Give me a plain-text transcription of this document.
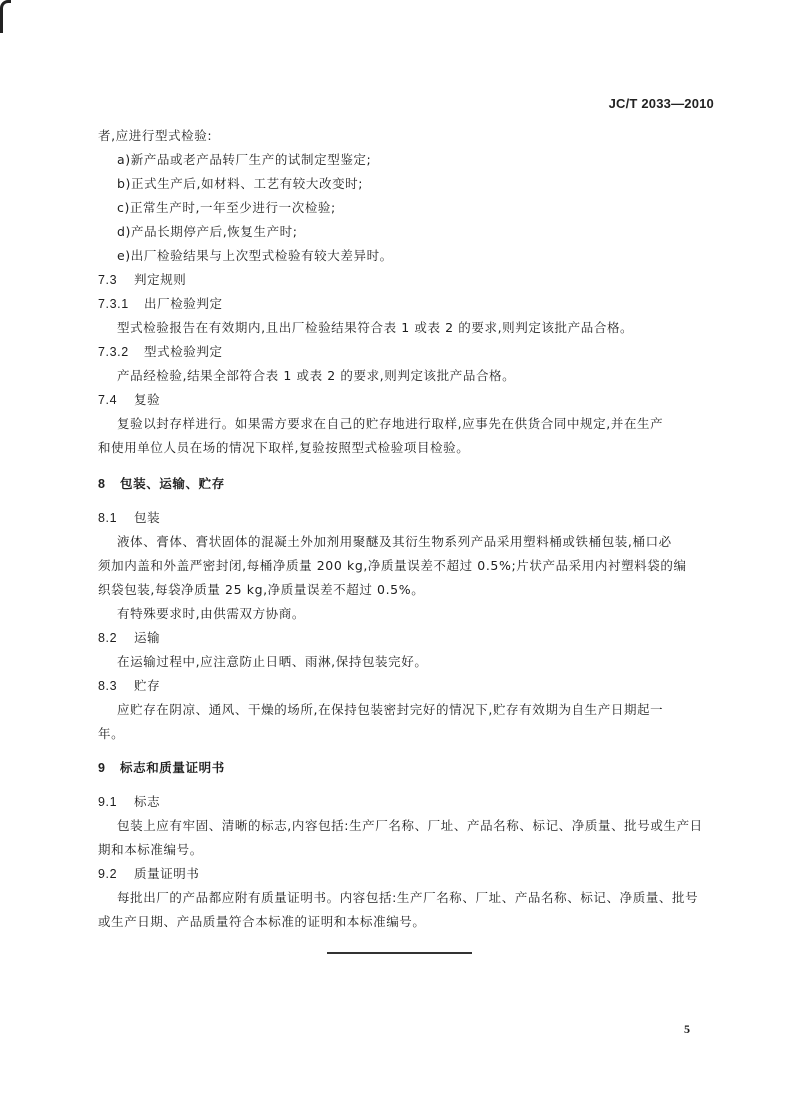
JC/T 2033—2010
者,应进行型式检验:
a)新产品或老产品转厂生产的试制定型鉴定;
b)正式生产后,如材料、工艺有较大改变时;
c)正常生产时,一年至少进行一次检验;
d)产品长期停产后,恢复生产时;
e)出厂检验结果与上次型式检验有较大差异时。
7.3 判定规则
7.3.1 出厂检验判定
型式检验报告在有效期内,且出厂检验结果符合表 1 或表 2 的要求,则判定该批产品合格。
7.3.2 型式检验判定
产品经检验,结果全部符合表 1 或表 2 的要求,则判定该批产品合格。
7.4 复验
复验以封存样进行。如果需方要求在自己的贮存地进行取样,应事先在供货合同中规定,并在生产
和使用单位人员在场的情况下取样,复验按照型式检验项目检验。
8 包装、运输、贮存
8.1 包装
液体、膏体、膏状固体的混凝土外加剂用聚醚及其衍生物系列产品采用塑料桶或铁桶包装,桶口必
须加内盖和外盖严密封闭,每桶净质量 200 kg,净质量误差不超过 0.5%;片状产品采用内衬塑料袋的编
织袋包装,每袋净质量 25 kg,净质量误差不超过 0.5%。
有特殊要求时,由供需双方协商。
8.2 运输
在运输过程中,应注意防止日晒、雨淋,保持包装完好。
8.3 贮存
应贮存在阴凉、通风、干燥的场所,在保持包装密封完好的情况下,贮存有效期为自生产日期起一
年。
9 标志和质量证明书
9.1 标志
包装上应有牢固、清晰的标志,内容包括:生产厂名称、厂址、产品名称、标记、净质量、批号或生产日
期和本标准编号。
9.2 质量证明书
每批出厂的产品都应附有质量证明书。内容包括:生产厂名称、厂址、产品名称、标记、净质量、批号
或生产日期、产品质量符合本标准的证明和本标准编号。
5
